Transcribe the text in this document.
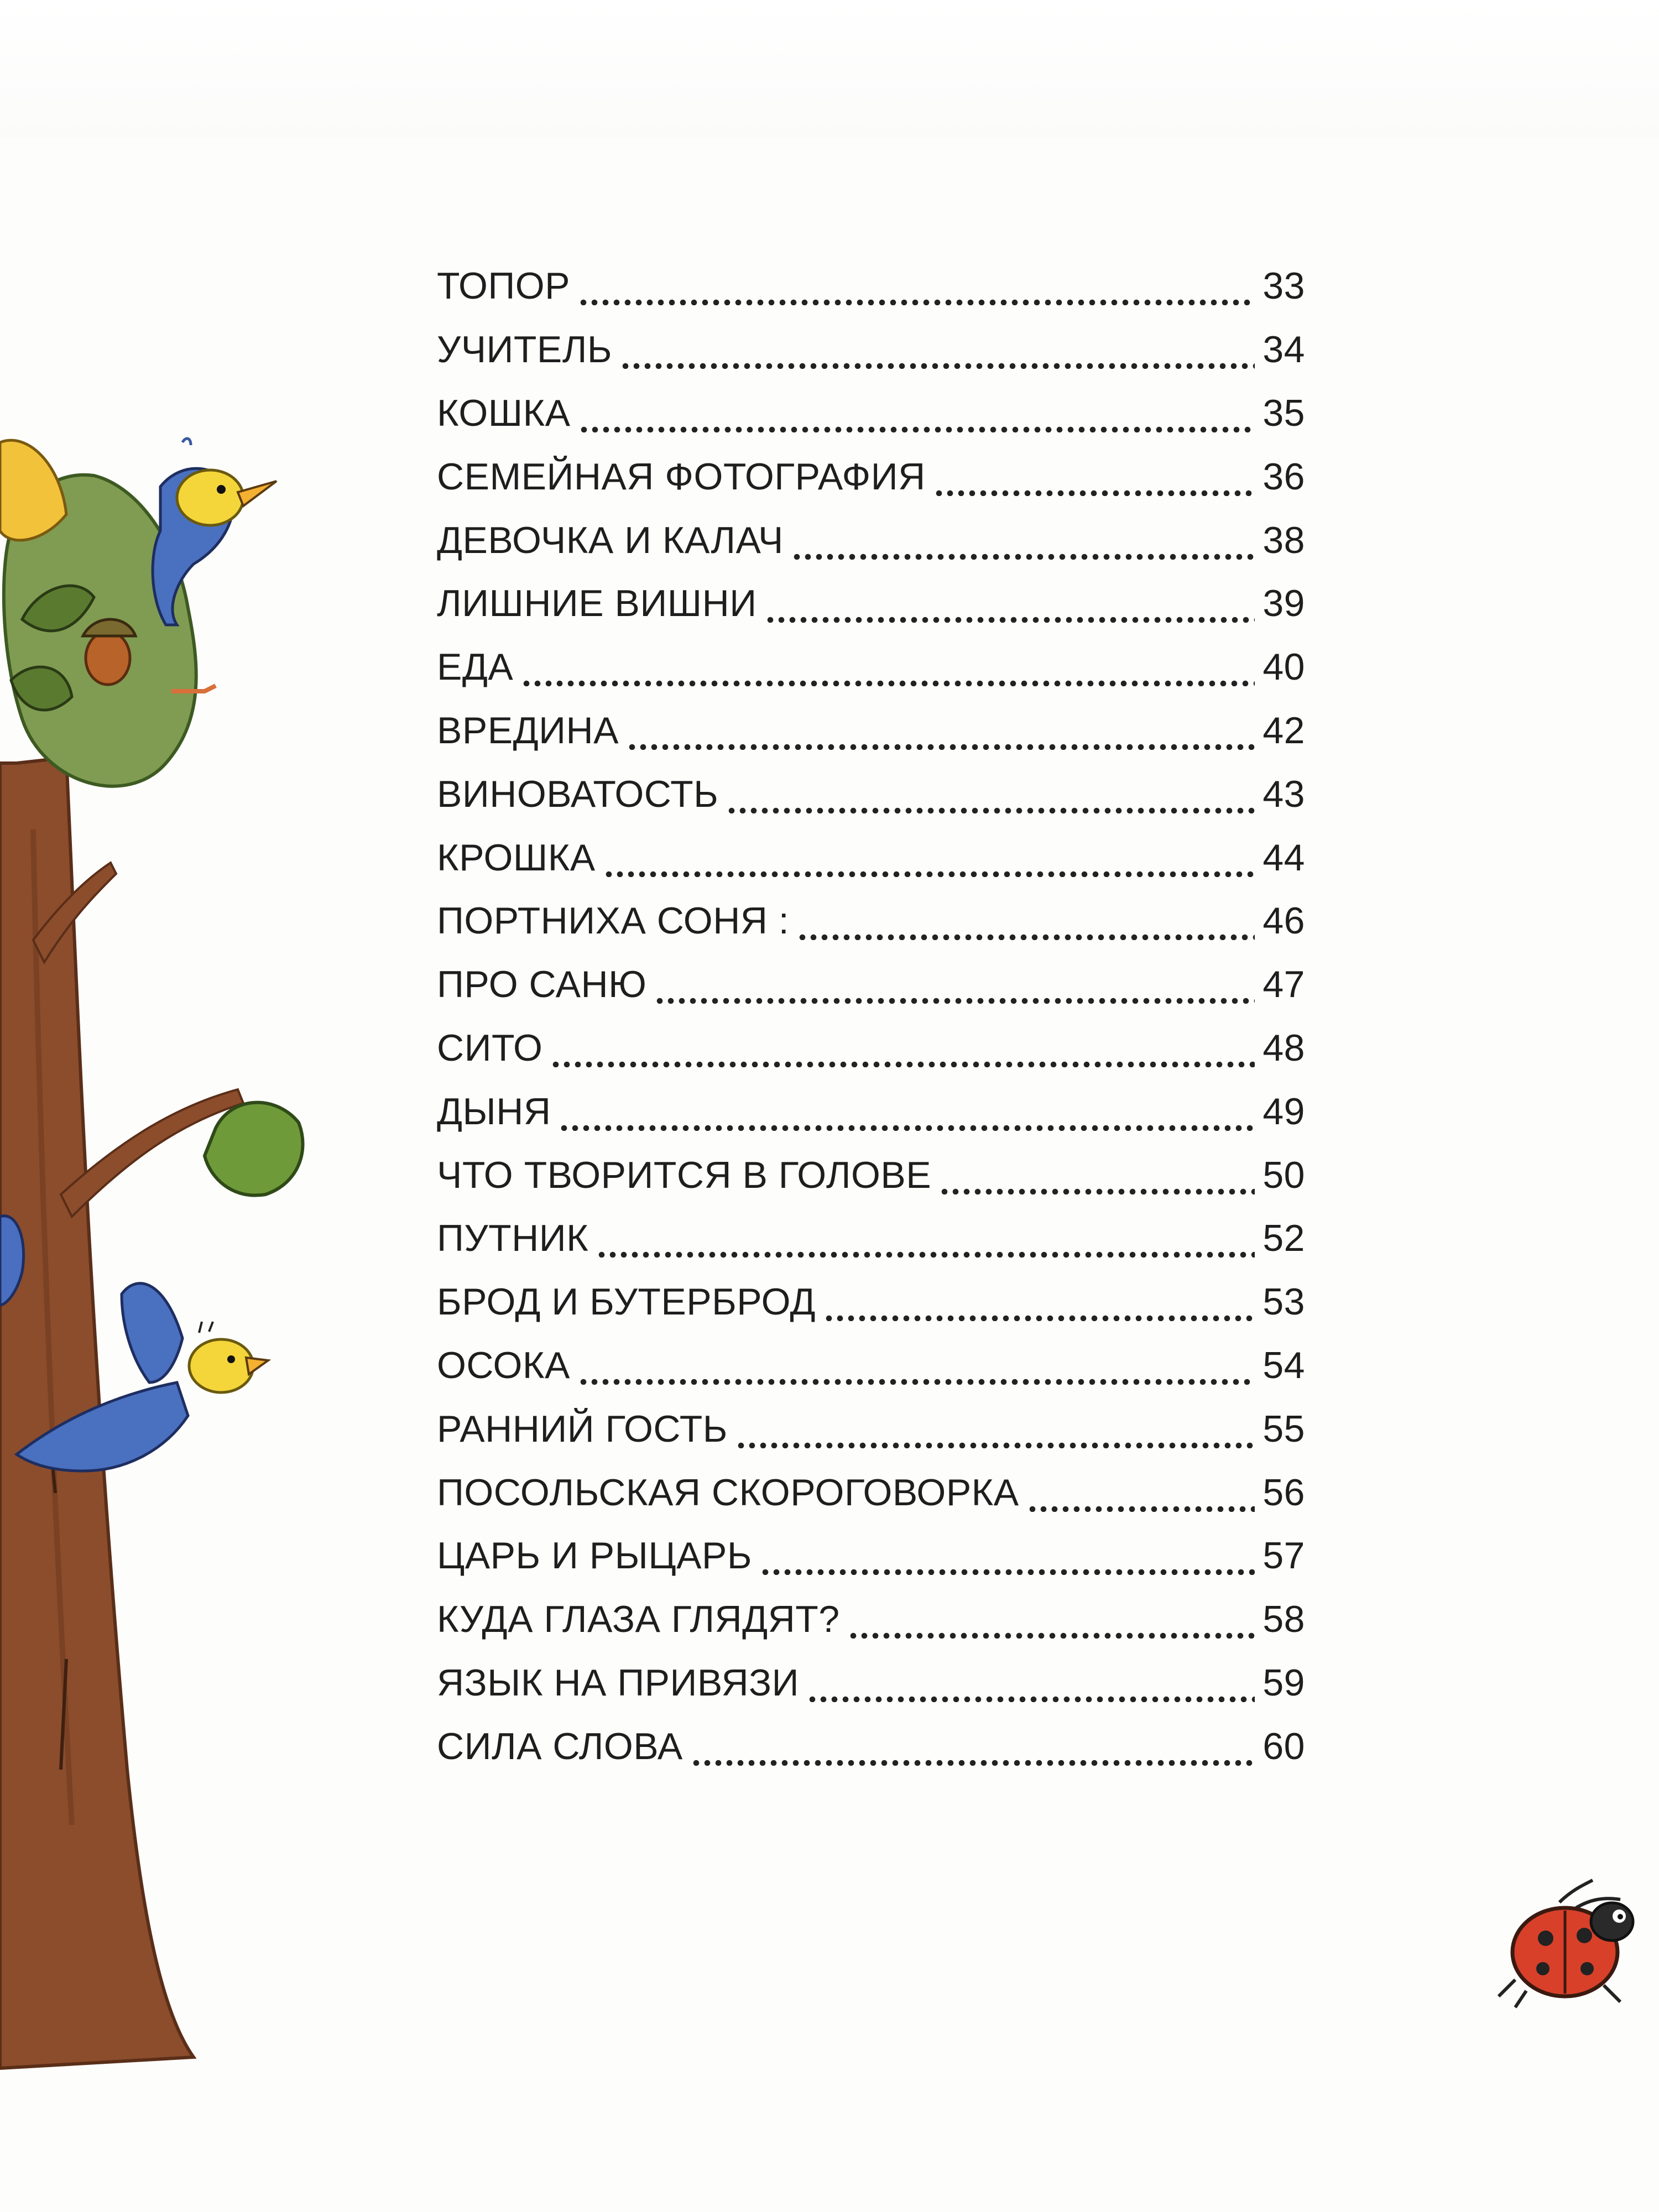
ТОПОР	33
УЧИТЕЛЬ	34
КОШКА	35
СЕМЕЙНАЯ ФОТОГРАФИЯ	36
ДЕВОЧКА И КАЛАЧ	38
ЛИШНИЕ ВИШНИ	39
ЕДА	40
ВРЕДИНА	42
ВИНОВАТОСТЬ	43
КРОШКА	44
ПОРТНИХА СОНЯ :	46
ПРО САНЮ	47
СИТО	48
ДЫНЯ	49
ЧТО ТВОРИТСЯ В ГОЛОВЕ	50
ПУТНИК	52
БРОД И БУТЕРБРОД	53
ОСОКА	54
РАННИЙ ГОСТЬ	55
ПОСОЛЬСКАЯ СКОРОГОВОРКА	56
ЦАРЬ И РЫЦАРЬ	57
КУДА ГЛАЗА ГЛЯДЯТ?	58
ЯЗЫК НА ПРИВЯЗИ	59
СИЛА СЛОВА	60
